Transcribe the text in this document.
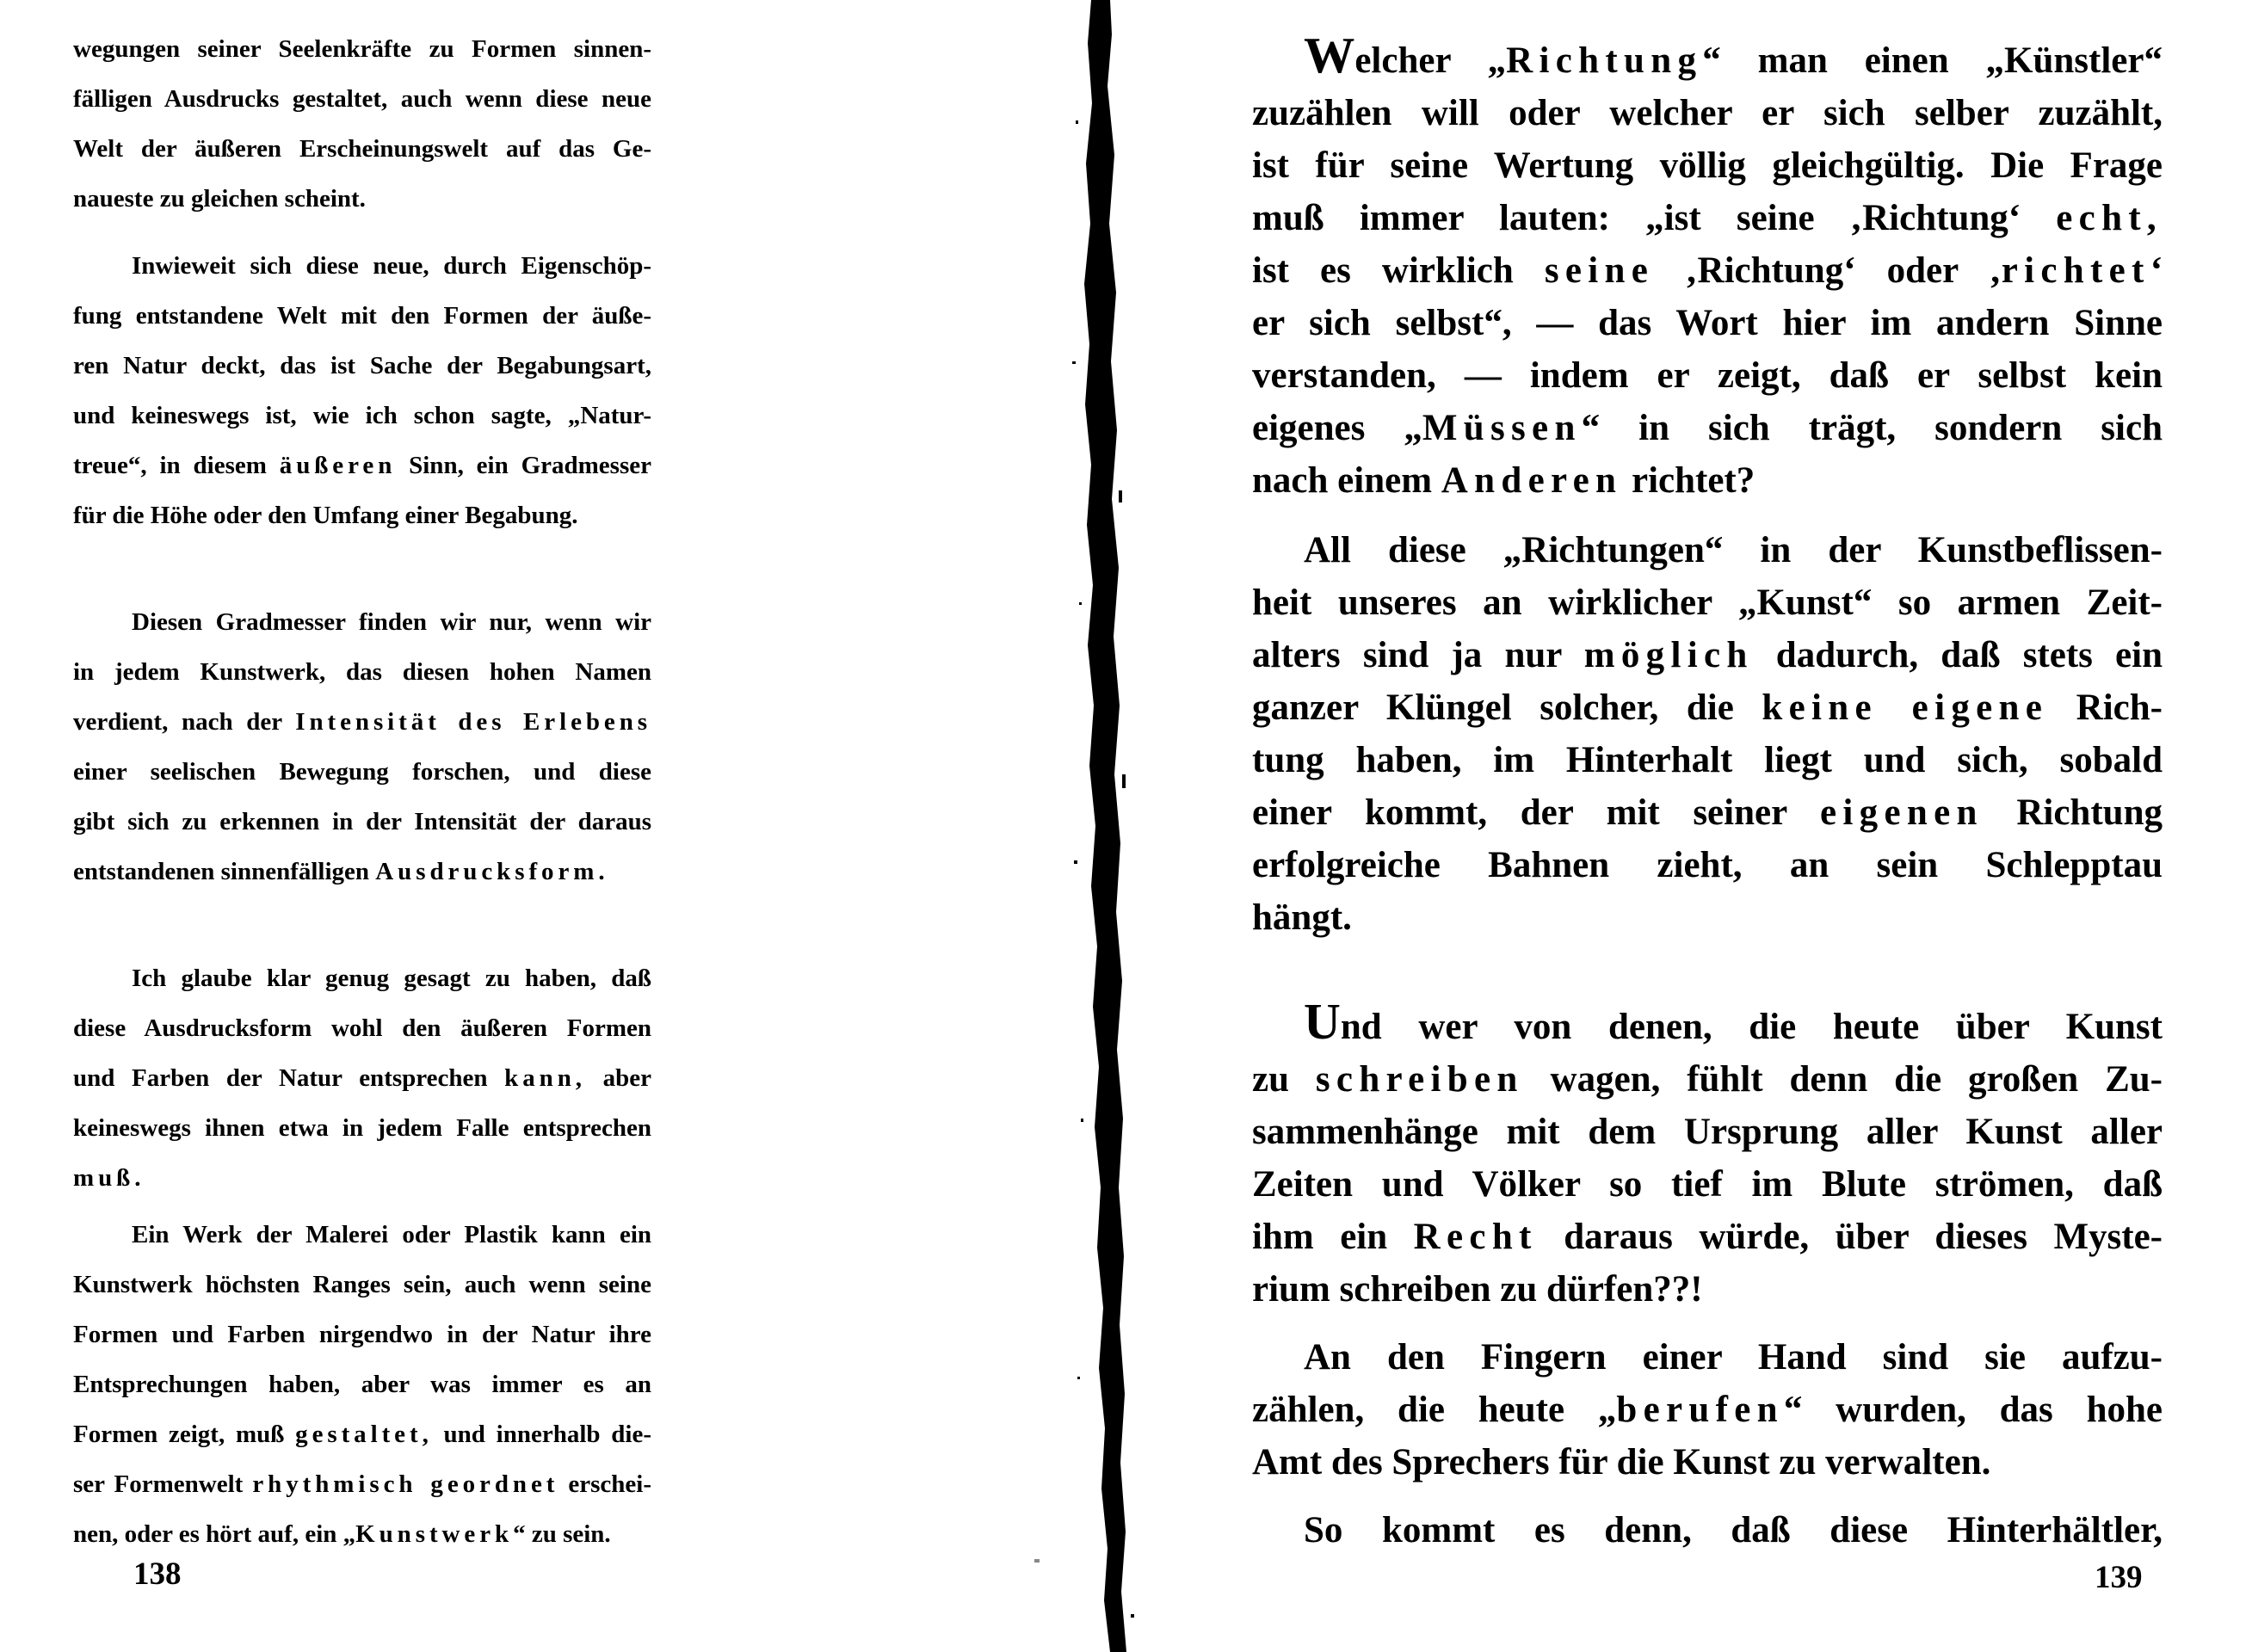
wegungen seiner Seelenkräfte zu Formen sinnen-
fälligen Ausdrucks gestaltet, auch wenn diese neue
Welt der äußeren Erscheinungswelt auf das Ge-
naueste zu gleichen scheint.
Inwieweit sich diese neue, durch Eigenschöp-
fung entstandene Welt mit den Formen der äuße-
ren Natur deckt, das ist Sache der Begabungsart,
und keineswegs ist, wie ich schon sagte, „Natur-
treue“, in diesem äußeren Sinn, ein Gradmesser
für die Höhe oder den Umfang einer Begabung.
Diesen Gradmesser finden wir nur, wenn wir
in jedem Kunstwerk, das diesen hohen Namen
verdient, nach der Intensität des Erlebens
einer seelischen Bewegung forschen, und diese
gibt sich zu erkennen in der Intensität der daraus
entstandenen sinnenfälligen Ausdrucksform.
Ich glaube klar genug gesagt zu haben, daß
diese Ausdrucksform wohl den äußeren Formen
und Farben der Natur entsprechen kann, aber
keineswegs ihnen etwa in jedem Falle entsprechen
muß.
Ein Werk der Malerei oder Plastik kann ein
Kunstwerk höchsten Ranges sein, auch wenn seine
Formen und Farben nirgendwo in der Natur ihre
Entsprechungen haben, aber was immer es an
Formen zeigt, muß gestaltet, und innerhalb die-
ser Formenwelt rhythmisch geordnet erschei-
nen, oder es hört auf, ein „Kunstwerk“ zu sein.
Welcher „Richtung“ man einen „Künstler“
zuzählen will oder welcher er sich selber zuzählt,
ist für seine Wertung völlig gleichgültig. Die Frage
muß immer lauten: „ist seine ‚Richtung‘ echt,
ist es wirklich seine ‚Richtung‘ oder ‚richtet‘
er sich selbst“, — das Wort hier im andern Sinne
verstanden, — indem er zeigt, daß er selbst kein
eigenes „Müssen“ in sich trägt, sondern sich
nach einem Anderen richtet?
All diese „Richtungen“ in der Kunstbeflissen-
heit unseres an wirklicher „Kunst“ so armen Zeit-
alters sind ja nur möglich dadurch, daß stets ein
ganzer Klüngel solcher, die keine eigene Rich-
tung haben, im Hinterhalt liegt und sich, sobald
einer kommt, der mit seiner eigenen Richtung
erfolgreiche Bahnen zieht, an sein Schlepptau
hängt.
Und wer von denen, die heute über Kunst
zu schreiben wagen, fühlt denn die großen Zu-
sammenhänge mit dem Ursprung aller Kunst aller
Zeiten und Völker so tief im Blute strömen, daß
ihm ein Recht daraus würde, über dieses Myste-
rium schreiben zu dürfen??!
An den Fingern einer Hand sind sie aufzu-
zählen, die heute „berufen“ wurden, das hohe
Amt des Sprechers für die Kunst zu verwalten.
So kommt es denn, daß diese Hinterhältler,
138	139
